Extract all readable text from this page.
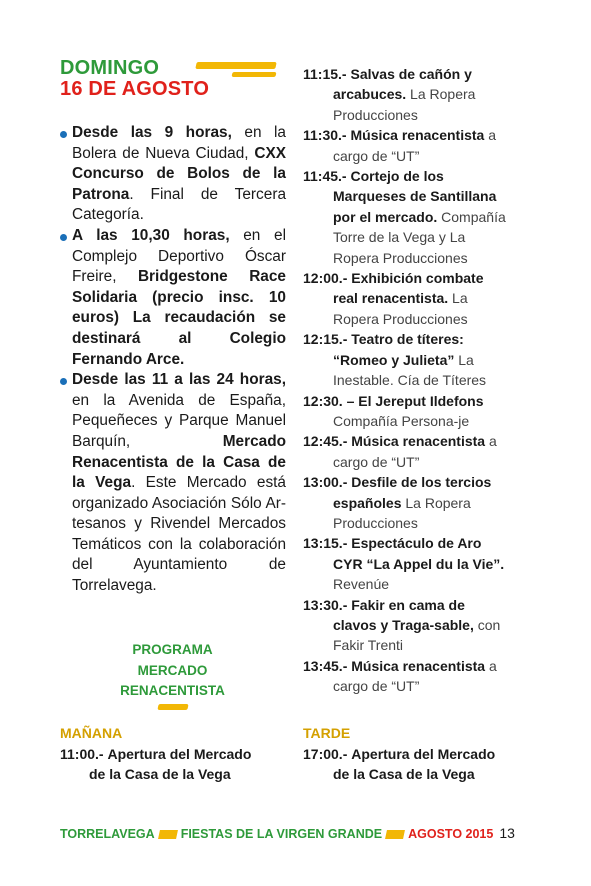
DOMINGO
16 DE AGOSTO
Desde las 9 horas, en la Bolera de Nueva Ciudad, CXX Concurso de Bolos de la Patrona. Final de Tercera Categoría.
A las 10,30 horas, en el Complejo Deportivo Óscar Freire, Bridgestone Race Solidaria (precio insc. 10 euros) La recaudación se destinará al Colegio Fernando Arce.
Desde las 11 a las 24 horas, en la Avenida de España, Pequeñeces y Parque Manuel Barquín, Mercado Renacentista de la Casa de la Vega. Este Mercado está organizado Asociación Sólo Artesanos y Rivendel Mercados Temáticos con la colaboración del Ayuntamiento de Torrelavega.
PROGRAMA
MERCADO
RENACENTISTA
MAÑANA
11:00.- Apertura del Mercado
de la Casa de la Vega
11:15.- Salvas de cañón y
arcabuces. La Ropera
Producciones
11:30.- Música renacentista a
cargo de “UT”
11:45.- Cortejo de los
Marqueses de Santillana
por el mercado. Compañía
Torre de la Vega y La
Ropera Producciones
12:00.- Exhibición combate
real renacentista. La
Ropera Producciones
12:15.- Teatro de títeres:
“Romeo y Julieta” La
Inestable. Cía de Títeres
12:30. – El Jereput Ildefons
Compañía Persona-je
12:45.- Música renacentista a
cargo de “UT”
13:00.- Desfile de los tercios
españoles La Ropera
Producciones
13:15.- Espectáculo de Aro
CYR “La Appel du la Vie”.
Revenúe
13:30.- Fakir en cama de
clavos y Traga-sable, con
Fakir Trenti
13:45.- Música renacentista a
cargo de “UT”
TARDE
17:00.- Apertura del Mercado
de la Casa de la Vega
TORRELAVEGA FIESTAS DE LA VIRGEN GRANDE AGOSTO 2015 13
